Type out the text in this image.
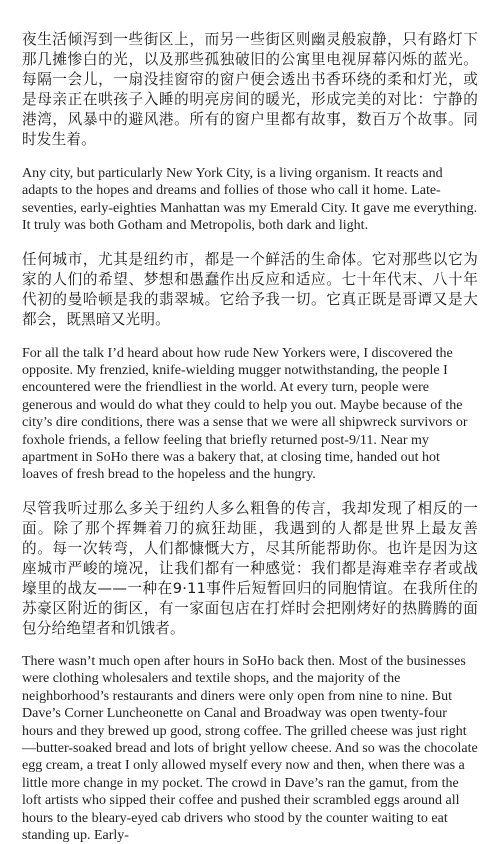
夜生活倾泻到一些街区上，而另一些街区则幽灵般寂静，只有路灯下那几摊惨白的光，以及那些孤独破旧的公寓里电视屏幕闪烁的蓝光。每隔一会儿，一扇没挂窗帘的窗户便会透出书香环绕的柔和灯光，或是母亲正在哄孩子入睡的明亮房间的暖光，形成完美的对比：宁静的港湾，风暴中的避风港。所有的窗户里都有故事，数百万个故事。同时发生着。

Any city, but particularly New York City, is a living organism. It reacts and adapts to the hopes and dreams and follies of those who call it home. Late-seventies, early-eighties Manhattan was my Emerald City. It gave me everything. It truly was both Gotham and Metropolis, both dark and light.

任何城市，尤其是纽约市，都是一个鲜活的生命体。它对那些以它为家的人们的希望、梦想和愚蠢作出反应和适应。七十年代末、八十年代初的曼哈顿是我的翡翠城。它给予我一切。它真正既是哥谭又是大都会，既黑暗又光明。

For all the talk I’d heard about how rude New Yorkers were, I discovered the opposite. My frenzied, knife-wielding mugger notwithstanding, the people I encountered were the friendliest in the world. At every turn, people were generous and would do what they could to help you out. Maybe because of the city’s dire conditions, there was a sense that we were all shipwreck survivors or foxhole friends, a fellow feeling that briefly returned post-9/11. Near my apartment in SoHo there was a bakery that, at closing time, handed out hot loaves of fresh bread to the hopeless and the hungry.

尽管我听过那么多关于纽约人多么粗鲁的传言，我却发现了相反的一面。除了那个挥舞着刀的疯狂劫匪，我遇到的人都是世界上最友善的。每一次转弯，人们都慷慨大方，尽其所能帮助你。也许是因为这座城市严峻的境况，让我们都有一种感觉：我们都是海难幸存者或战壕里的战友——一种在9·11事件后短暂回归的同胞情谊。在我所住的苏豪区附近的街区，有一家面包店在打烊时会把刚烤好的热腾腾的面包分给绝望者和饥饿者。

There wasn’t much open after hours in SoHo back then. Most of the businesses were clothing wholesalers and textile shops, and the majority of the neighborhood’s restaurants and diners were only open from nine to nine. But Dave’s Corner Luncheonette on Canal and Broadway was open twenty-four hours and they brewed up good, strong coffee. The grilled cheese was just right—butter-soaked bread and lots of bright yellow cheese. And so was the chocolate egg cream, a treat I only allowed myself every now and then, when there was a little more change in my pocket. The crowd in Dave’s ran the gamut, from the loft artists who sipped their coffee and pushed their scrambled eggs around all hours to the bleary-eyed cab drivers who stood by the counter waiting to eat standing up. Early-
